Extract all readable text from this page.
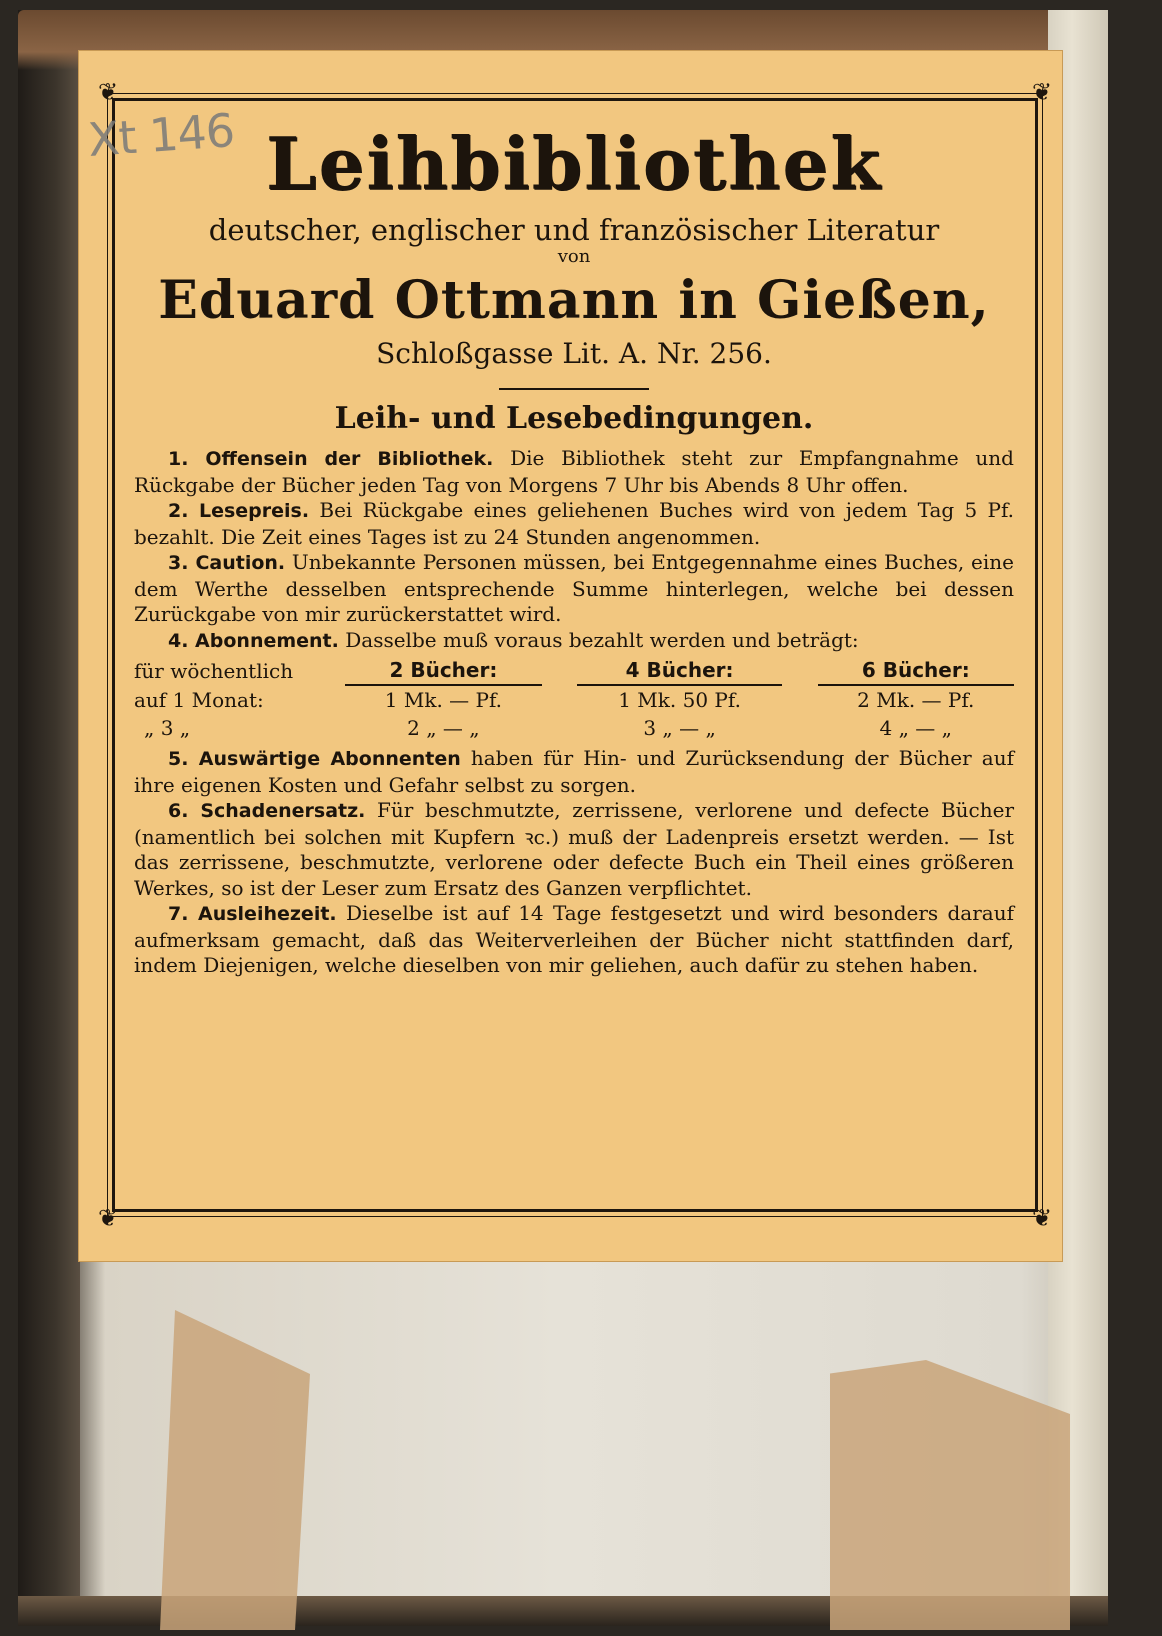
❦	❦
❦	❦
Leihbibliothek

deutscher, englischer und französischer Literatur

von

Eduard Ottmann in Gießen,

Schloßgasse Lit. A. Nr. 256.

Leih- und Lesebedingungen.

1. Offensein der Bibliothek. Die Bibliothek steht zur Empfangnahme und Rückgabe der Bücher jeden Tag von Morgens 7 Uhr bis Abends 8 Uhr offen.

2. Lesepreis. Bei Rückgabe eines geliehenen Buches wird von jedem Tag 5 Pf. bezahlt. Die Zeit eines Tages ist zu 24 Stunden angenommen.

3. Caution. Unbekannte Personen müssen, bei Entgegennahme eines Buches, eine dem Werthe desselben entsprechende Summe hinterlegen, welche bei dessen Zurückgabe von mir zurückerstattet wird.

4. Abonnement. Dasselbe muß voraus bezahlt werden und beträgt:

für wöchentlich	2 Bücher:		4 Bücher:		6 Bücher:
auf 1 Monat:	1 Mk. — Pf.		1 Mk. 50 Pf.		2 Mk. — Pf.
„ 3 „	2 „ — „		3 „ — „		4 „ — „

5. Auswärtige Abonnenten haben für Hin- und Zurücksendung der Bücher auf ihre eigenen Kosten und Gefahr selbst zu sorgen.

6. Schadenersatz. Für beschmutzte, zerrissene, verlorene und defecte Bücher (namentlich bei solchen mit Kupfern ꝛc.) muß der Ladenpreis ersetzt werden. — Ist das zerrissene, beschmutzte, verlorene oder defecte Buch ein Theil eines größeren Werkes, so ist der Leser zum Ersatz des Ganzen verpflichtet.

7. Ausleihezeit. Dieselbe ist auf 14 Tage festgesetzt und wird besonders darauf aufmerksam gemacht, daß das Weiterverleihen der Bücher nicht stattfinden darf, indem Diejenigen, welche dieselben von mir geliehen, auch dafür zu stehen haben.

Xt 146
